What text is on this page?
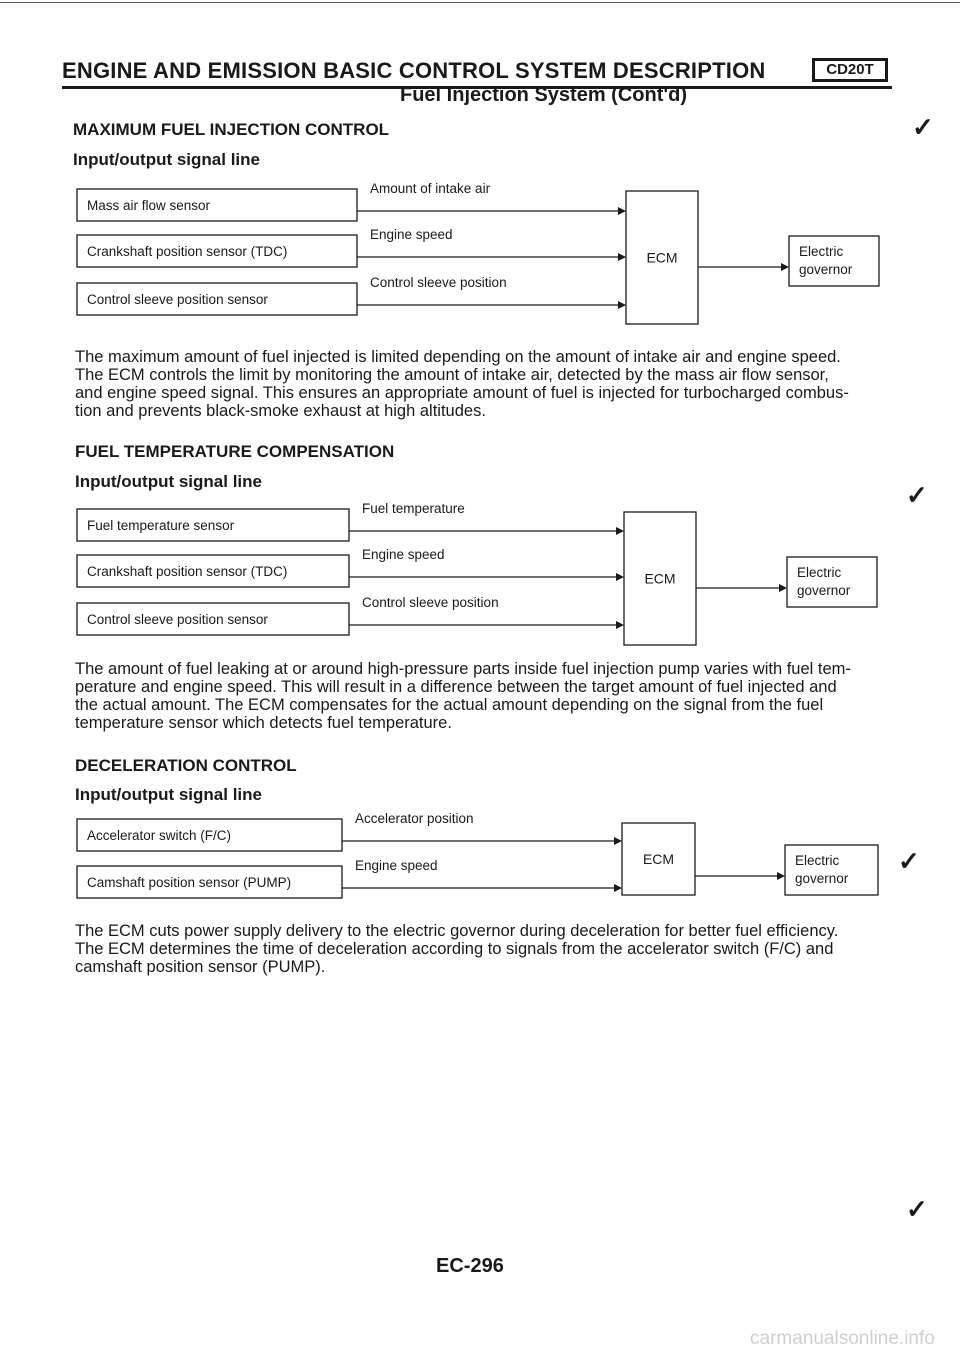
ENGINE AND EMISSION BASIC CONTROL SYSTEM DESCRIPTION	CD20T
Fuel Injection System (Cont'd)
MAXIMUM FUEL INJECTION CONTROL
Input/output signal line
✓
Mass air flow sensor
Amount of intake air
Crankshaft position sensor (TDC)
Engine speed
Control sleeve position sensor
Control sleeve position
ECM	Electric
governor
Fuel temperature sensor
Fuel temperature
Crankshaft position sensor (TDC)
Engine speed
Control sleeve position sensor
Control sleeve position
ECM	Electric
governor
Accelerator switch (F/C)
Accelerator position
Camshaft position sensor (PUMP)
Engine speed	ECM	Electric
governor
The maximum amount of fuel injected is limited depending on the amount of intake air and engine speed.
The ECM controls the limit by monitoring the amount of intake air, detected by the mass air flow sensor,
and engine speed signal. This ensures an appropriate amount of fuel is injected for turbocharged combus-
tion and prevents black-smoke exhaust at high altitudes.
FUEL TEMPERATURE COMPENSATION
Input/output signal line	✓
The amount of fuel leaking at or around high-pressure parts inside fuel injection pump varies with fuel tem-
perature and engine speed. This will result in a difference between the target amount of fuel injected and
the actual amount. The ECM compensates for the actual amount depending on the signal from the fuel
temperature sensor which detects fuel temperature.
DECELERATION CONTROL
Input/output signal line
✓
The ECM cuts power supply delivery to the electric governor during deceleration for better fuel efficiency.
The ECM determines the time of deceleration according to signals from the accelerator switch (F/C) and
camshaft position sensor (PUMP).
✓
EC-296
carmanualsonline.info
